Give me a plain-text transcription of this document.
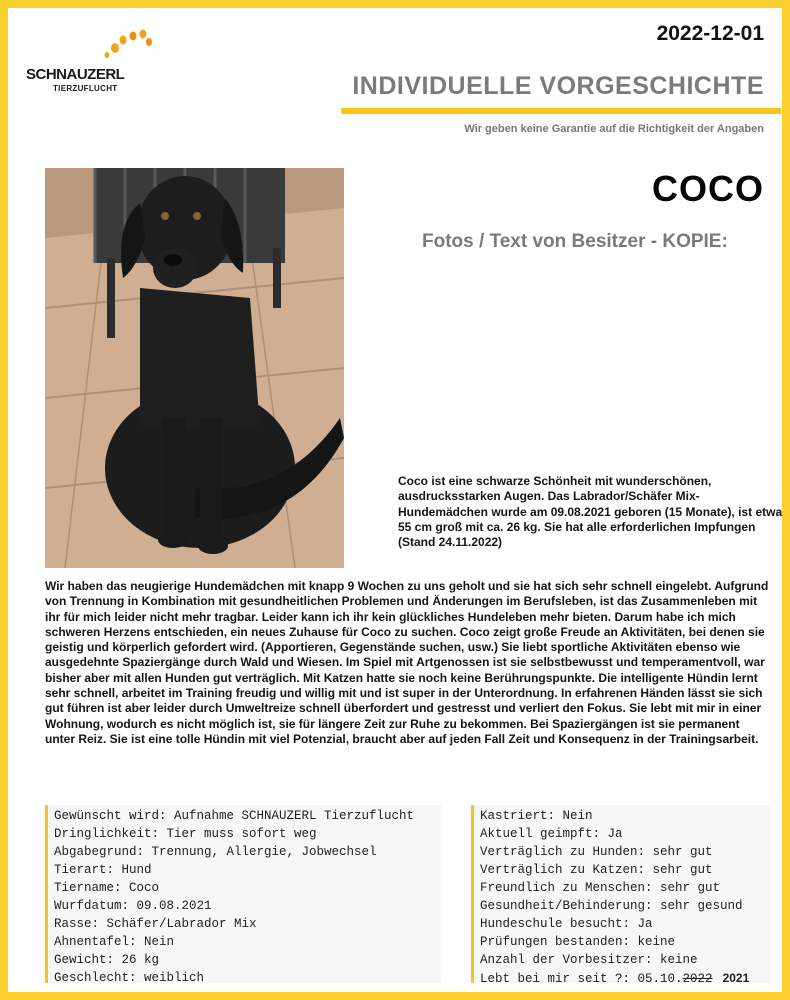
SCHNAUZERL
TIERZUFLUCHT
2022-12-01
INDIVIDUELLE VORGESCHICHTE
Wir geben keine Garantie auf die Richtigkeit der Angaben
COCO
Fotos / Text von Besitzer - KOPIE:
Coco ist eine schwarze Schönheit mit wunderschönen, ausdrucksstarken Augen. Das Labrador/Schäfer Mix-Hundemädchen wurde am 09.08.2021 geboren (15 Monate), ist etwa 55 cm groß mit ca. 26 kg. Sie hat alle erforderlichen Impfungen (Stand 24.11.2022)
Wir haben das neugierige Hundemädchen mit knapp 9 Wochen zu uns geholt und sie hat sich sehr schnell eingelebt. Aufgrund von Trennung in Kombination mit gesundheitlichen Problemen und Änderungen im Berufsleben, ist das Zusammenleben mit ihr für mich leider nicht mehr tragbar. Leider kann ich ihr kein glückliches Hundeleben mehr bieten. Darum habe ich mich schweren Herzens entschieden, ein neues Zuhause für Coco zu suchen. Coco zeigt große Freude an Aktivitäten, bei denen sie geistig und körperlich gefordert wird. (Apportieren, Gegenstände suchen, usw.) Sie liebt sportliche Aktivitäten ebenso wie ausgedehnte Spaziergänge durch Wald und Wiesen. Im Spiel mit Artgenossen ist sie selbstbewusst und temperamentvoll, war bisher aber mit allen Hunden gut verträglich. Mit Katzen hatte sie noch keine Berührungspunkte. Die intelligente Hündin lernt sehr schnell, arbeitet im Training freudig und willig mit und ist super in der Unterordnung. In erfahrenen Händen lässt sie sich gut führen ist aber leider durch Umweltreize schnell überfordert und gestresst und verliert den Fokus. Sie lebt mit mir in einer Wohnung, wodurch es nicht möglich ist, sie für längere Zeit zur Ruhe zu bekommen. Bei Spaziergängen ist sie permanent unter Reiz. Sie ist eine tolle Hündin mit viel Potenzial, braucht aber auf jeden Fall Zeit und Konsequenz in der Trainingsarbeit.
Gewünscht wird: Aufnahme SCHNAUZERL Tierzuflucht
Dringlichkeit: Tier muss sofort weg
Abgabegrund: Trennung, Allergie, Jobwechsel
Tierart: Hund
Tiername: Coco
Wurfdatum: 09.08.2021
Rasse: Schäfer/Labrador Mix
Ahnentafel: Nein
Gewicht: 26 kg
Geschlecht: weiblich
Kastriert: Nein
Aktuell geimpft: Ja
Verträglich zu Hunden: sehr gut
Verträglich zu Katzen: sehr gut
Freundlich zu Menschen: sehr gut
Gesundheit/Behinderung: sehr gesund
Hundeschule besucht: Ja
Prüfungen bestanden: keine
Anzahl der Vorbesitzer: keine
Lebt bei mir seit ?: 05.10.2022 2021
